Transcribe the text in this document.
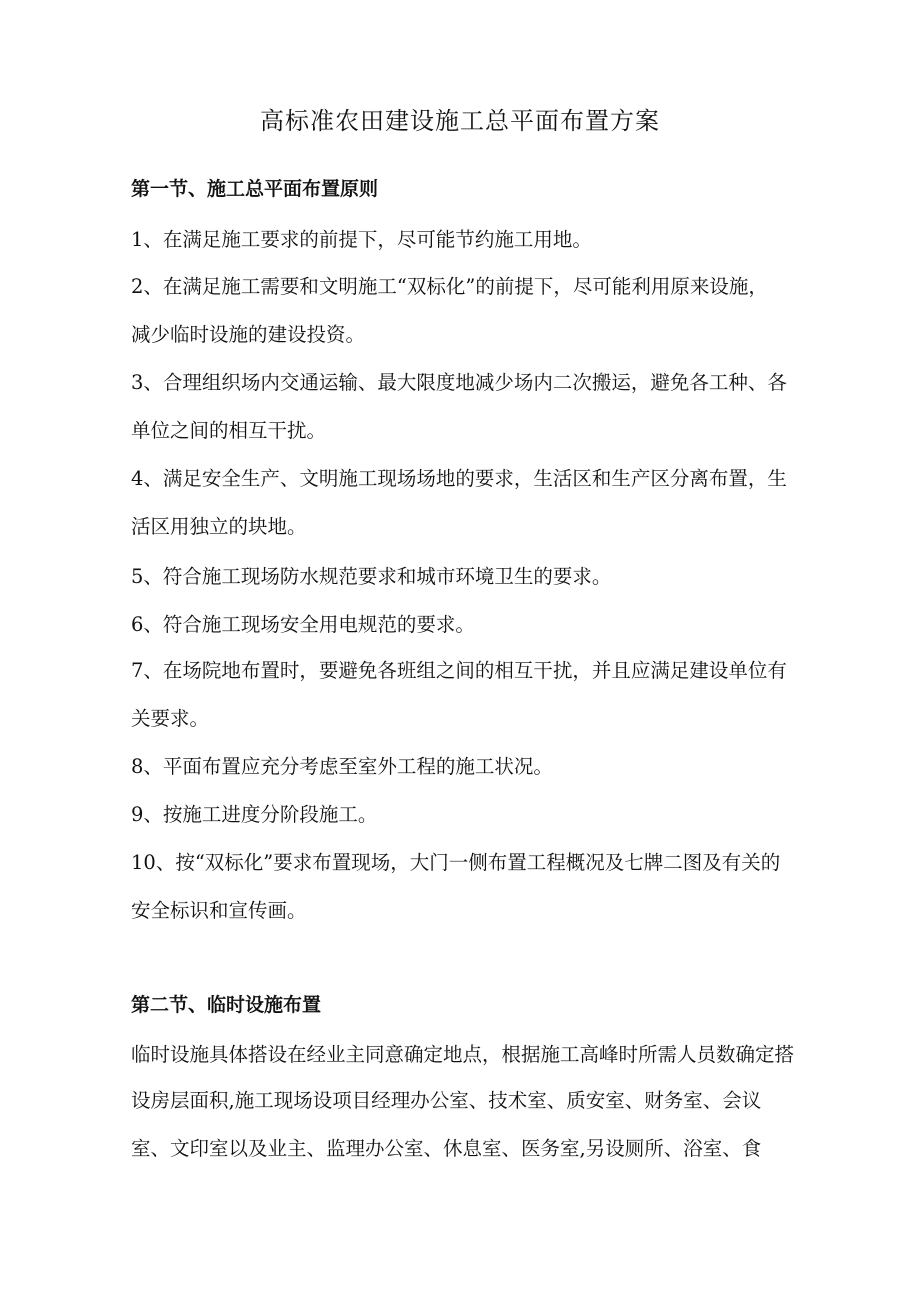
高标准农田建设施工总平面布置方案
第一节、施工总平面布置原则
1、在满足施工要求的前提下，尽可能节约施工用地。
2、在满足施工需要和文明施工“双标化”的前提下，尽可能利用原来设施，
减少临时设施的建设投资。
3、合理组织场内交通运输、最大限度地减少场内二次搬运，避免各工种、各
单位之间的相互干扰。
4、满足安全生产、文明施工现场场地的要求，生活区和生产区分离布置，生
活区用独立的块地。
5、符合施工现场防水规范要求和城市环境卫生的要求。
6、符合施工现场安全用电规范的要求。
7、在场院地布置时，要避免各班组之间的相互干扰，并且应满足建设单位有
关要求。
8、平面布置应充分考虑至室外工程的施工状况。
9、按施工进度分阶段施工。
10、按“双标化”要求布置现场，大门一侧布置工程概况及七牌二图及有关的
安全标识和宣传画。
第二节、临时设施布置
临时设施具体搭设在经业主同意确定地点，根据施工高峰时所需人员数确定搭
设房层面积,施工现场设项目经理办公室、技术室、质安室、财务室、会议
室、文印室以及业主、监理办公室、休息室、医务室,另设厕所、浴室、食
